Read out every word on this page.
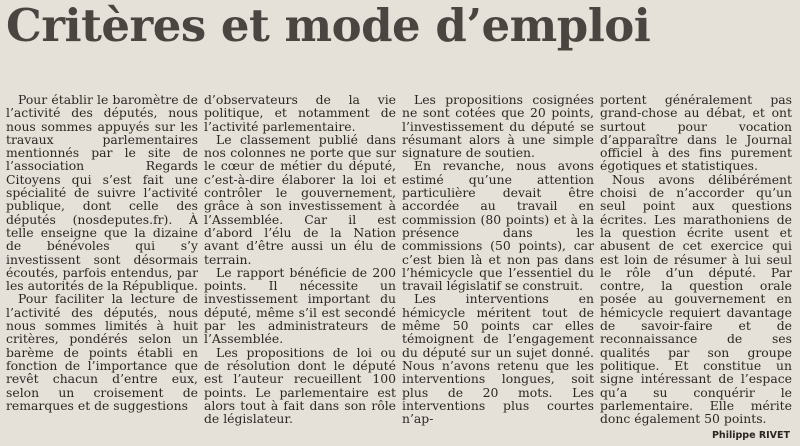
Critères et mode d’emploi

Pour établir le baromètre de l’activité des députés, nous nous sommes appuyés sur les travaux parlementaires mentionnés par le site de l’association Regards Citoyens qui s’est fait une spécialité de suivre l’activité publique, dont celle des députés (nosdeputes.fr). À telle enseigne que la dizaine de bénévoles qui s’y investissent sont désormais écoutés, parfois entendus, par les autorités de la République.

Pour faciliter la lecture de l’activité des députés, nous nous sommes limités à huit critères, pondérés selon un barème de points établi en fonction de l’importance que revêt chacun d’entre eux, selon un croisement de remarques et de suggestions

d’observateurs de la vie politique, et notamment de l’activité parlementaire.

Le classement publié dans nos colonnes ne porte que sur le cœur de métier du député, c’est-à-dire élaborer la loi et contrôler le gouvernement, grâce à son investissement à l’Assemblée. Car il est d’abord l’élu de la Nation avant d’être aussi un élu de terrain.

Le rapport bénéficie de 200 points. Il nécessite un investissement important du député, même s’il est secondé par les administrateurs de l’Assemblée.

Les propositions de loi ou de résolution dont le député est l’auteur recueillent 100 points. Le parlementaire est alors tout à fait dans son rôle de législateur.

Les propositions cosignées ne sont cotées que 20 points, l’investissement du député se résumant alors à une simple signature de soutien.

En revanche, nous avons estimé qu’une attention particulière devait être accordée au travail en commission (80 points) et à la présence dans les commissions (50 points), car c’est bien là et non pas dans l’hémicycle que l’essentiel du travail législatif se construit.

Les interventions en hémicycle méritent tout de même 50 points car elles témoignent de l’engagement du député sur un sujet donné. Nous n’avons retenu que les interventions longues, soit plus de 20 mots. Les interventions plus courtes n’ap-

portent généralement pas grand-chose au débat, et ont surtout pour vocation d’apparaître dans le Journal officiel à des fins purement égotiques et statistiques.

Nous avons délibérément choisi de n’accorder qu’un seul point aux questions écrites. Les marathoniens de la question écrite usent et abusent de cet exercice qui est loin de résumer à lui seul le rôle d’un député. Par contre, la question orale posée au gouvernement en hémicycle requiert davantage de savoir-faire et de reconnaissance de ses qualités par son groupe politique. Et constitue un signe intéressant de l’espace qu’a su conquérir le parlementaire. Elle mérite donc également 50 points.

Philippe RIVET
